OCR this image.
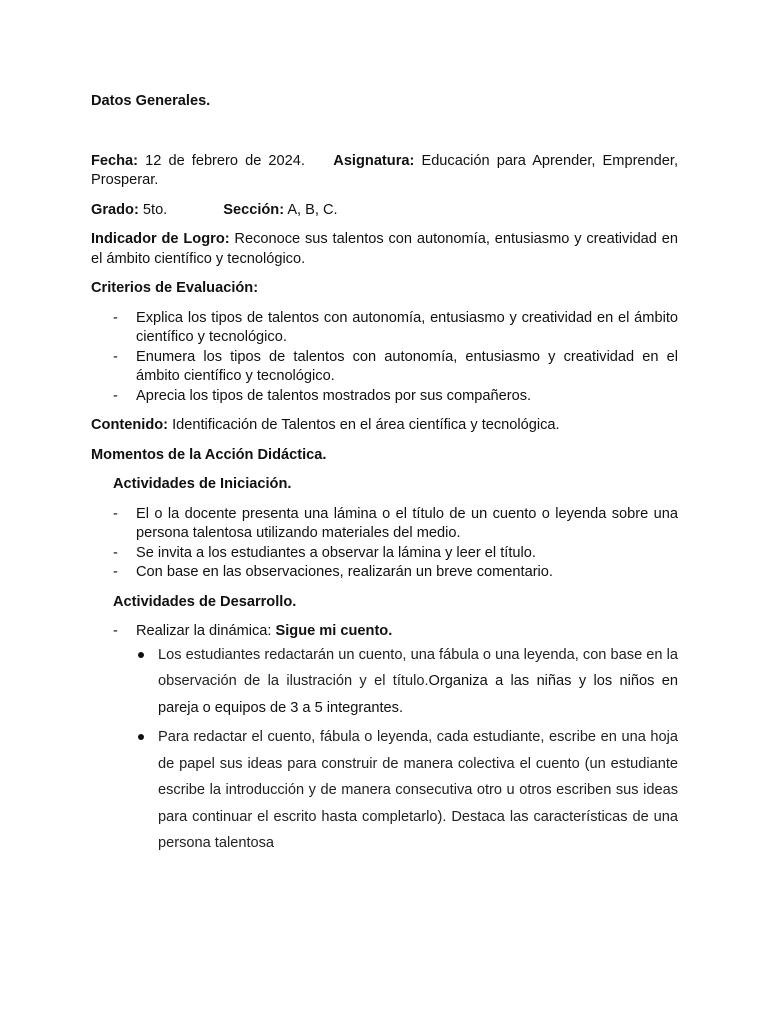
Datos Generales.

Fecha: 12 de febrero de 2024. Asignatura: Educación para Aprender, Emprender, Prosperar.

Grado: 5to.	Sección: A, B, C.

Indicador de Logro: Reconoce sus talentos con autonomía, entusiasmo y creatividad en el ámbito científico y tecnológico.

Criterios de Evaluación:

- Explica los tipos de talentos con autonomía, entusiasmo y creatividad en el ámbito científico y tecnológico.
- Enumera los tipos de talentos con autonomía, entusiasmo y creatividad en el ámbito científico y tecnológico.
- Aprecia los tipos de talentos mostrados por sus compañeros.

Contenido: Identificación de Talentos en el área científica y tecnológica.

Momentos de la Acción Didáctica.

Actividades de Iniciación.

- El o la docente presenta una lámina o el título de un cuento o leyenda sobre una persona talentosa utilizando materiales del medio.
- Se invita a los estudiantes a observar la lámina y leer el título.
- Con base en las observaciones, realizarán un breve comentario.

Actividades de Desarrollo.

- Realizar la dinámica: Sigue mi cuento.
Los estudiantes redactarán un cuento, una fábula o una leyenda, con base en la observación de la ilustración y el título.Organiza a las niñas y los niños en pareja o equipos de 3 a 5 integrantes.
Para redactar el cuento, fábula o leyenda, cada estudiante, escribe en una hoja de papel sus ideas para construir de manera colectiva el cuento (un estudiante escribe la introducción y de manera consecutiva otro u otros escriben sus ideas para continuar el escrito hasta completarlo). Destaca las características de una persona talentosa
